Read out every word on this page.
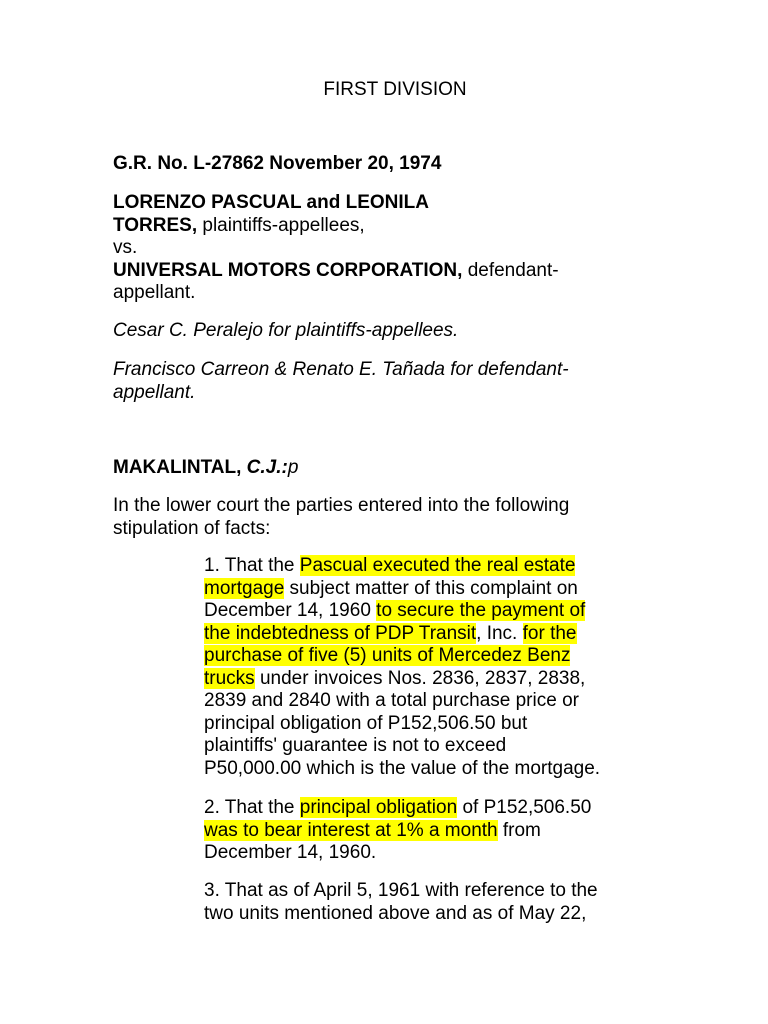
FIRST DIVISION

G.R. No. L-27862 November 20, 1974

LORENZO PASCUAL and LEONILA

TORRES, plaintiffs-appellees,

vs.

UNIVERSAL MOTORS CORPORATION, defendant-

appellant.

Cesar C. Peralejo for plaintiffs-appellees.

Francisco Carreon & Renato E. Tañada for defendant-

appellant.

MAKALINTAL, C.J.:p

In the lower court the parties entered into the following

stipulation of facts:

1. That the Pascual executed the real estate

mortgage subject matter of this complaint on

December 14, 1960 to secure the payment of

the indebtedness of PDP Transit, Inc. for the

purchase of five (5) units of Mercedez Benz

trucks under invoices Nos. 2836, 2837, 2838,

2839 and 2840 with a total purchase price or

principal obligation of P152,506.50 but

plaintiffs' guarantee is not to exceed

P50,000.00 which is the value of the mortgage.

2. That the principal obligation of P152,506.50

was to bear interest at 1% a month from

December 14, 1960.

3. That as of April 5, 1961 with reference to the

two units mentioned above and as of May 22,
